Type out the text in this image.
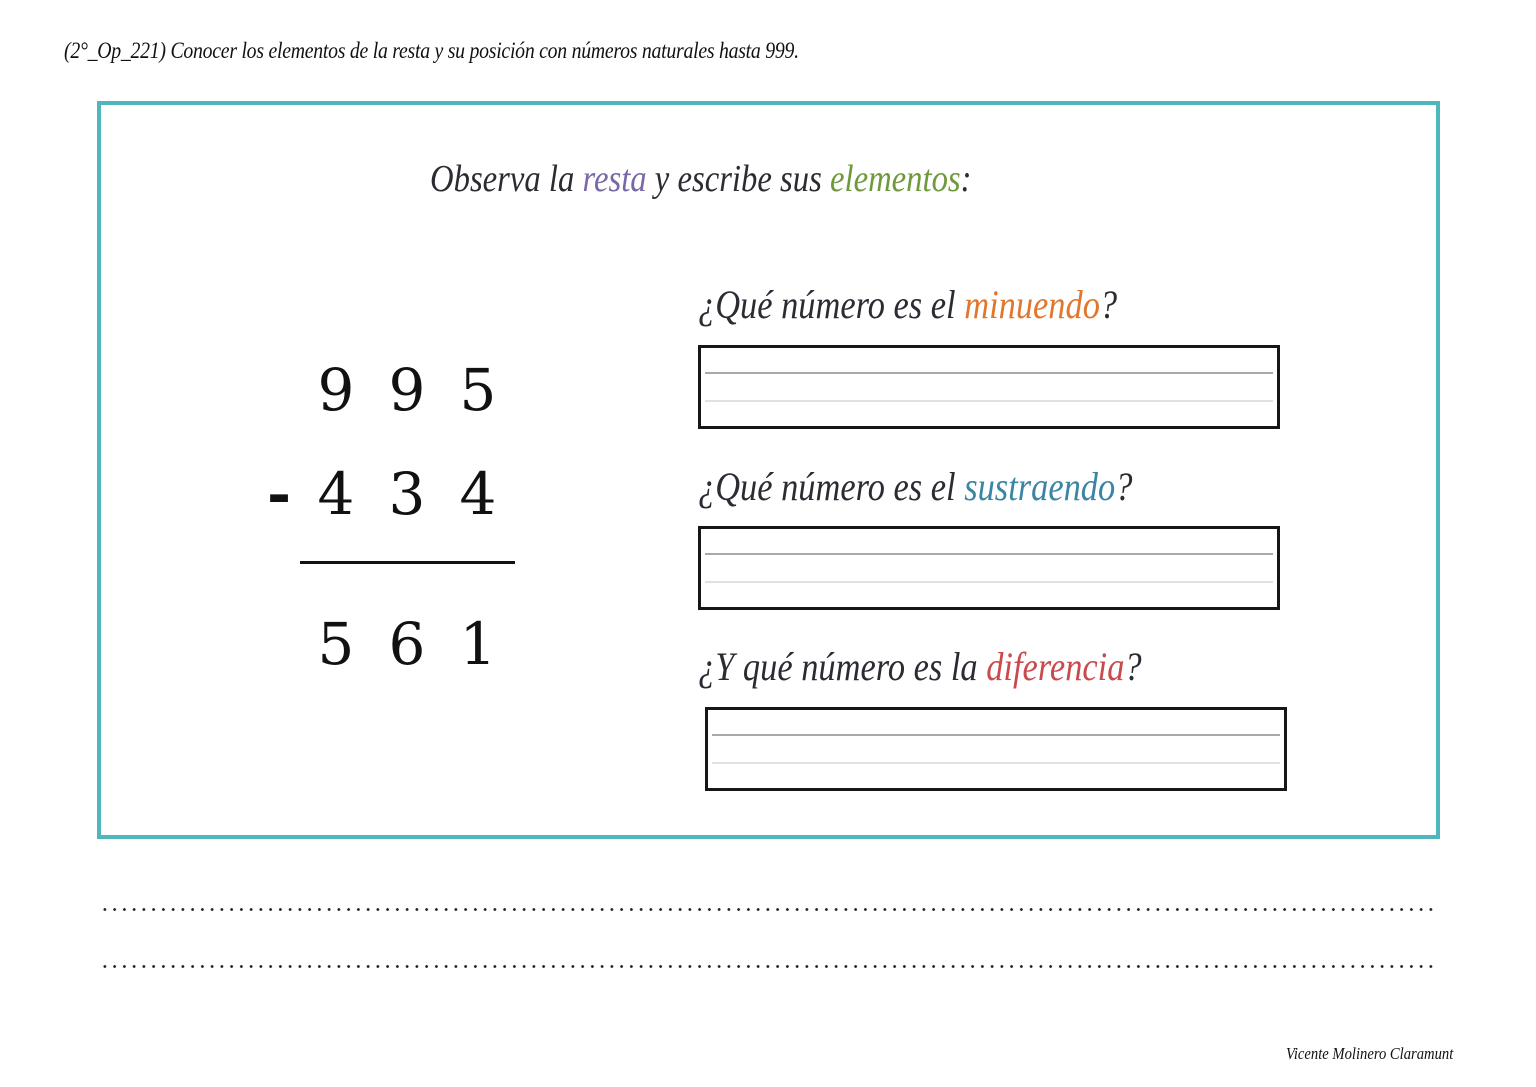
(2°_Op_221) Conocer los elementos de la resta y su posición con números naturales hasta 999.
Observa la resta y escribe sus elementos:
9 9 5
- 4 3 4
5 6 1
¿Qué número es el minuendo?
¿Qué número es el sustraendo?
¿Y qué número es la diferencia?
Vicente Molinero Claramunt
